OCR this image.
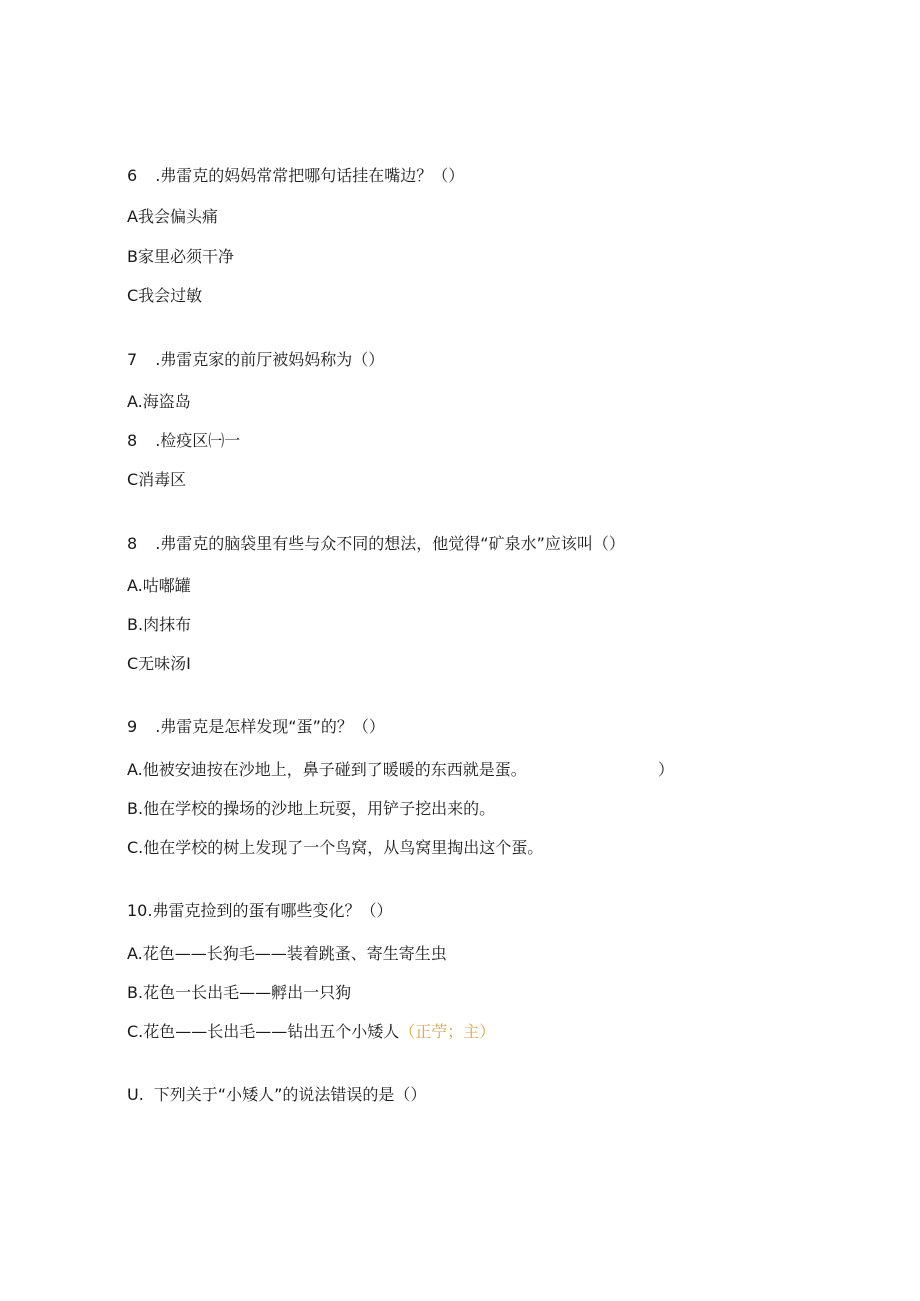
6 .弗雷克的妈妈常常把哪句话挂在嘴边？（）
A我会偏头痛
B家里必须干净
C我会过敏
7 .弗雷克家的前厅被妈妈称为（）
A.海盗岛
8 .检疫区㈠一
C消毒区
8 .弗雷克的脑袋里有些与众不同的想法，他觉得“矿泉水”应该叫（）
A.咕嘟罐
B.肉抹布
C无味汤I
9 .弗雷克是怎样发现“蛋”的？（）
A.他被安迪按在沙地上，鼻子碰到了暖暖的东西就是蛋。	）
B.他在学校的操场的沙地上玩耍，用铲子挖出来的。
C.他在学校的树上发现了一个鸟窝，从鸟窝里掏出这个蛋。
10.弗雷克捡到的蛋有哪些变化？（）
A.花色——长狗毛——装着跳蚤、寄生寄生虫
B.花色一长出毛——孵出一只狗
C.花色——长出毛——钻出五个小矮人（正苧；主）
U. 下列关于“小矮人”的说法错误的是（）
